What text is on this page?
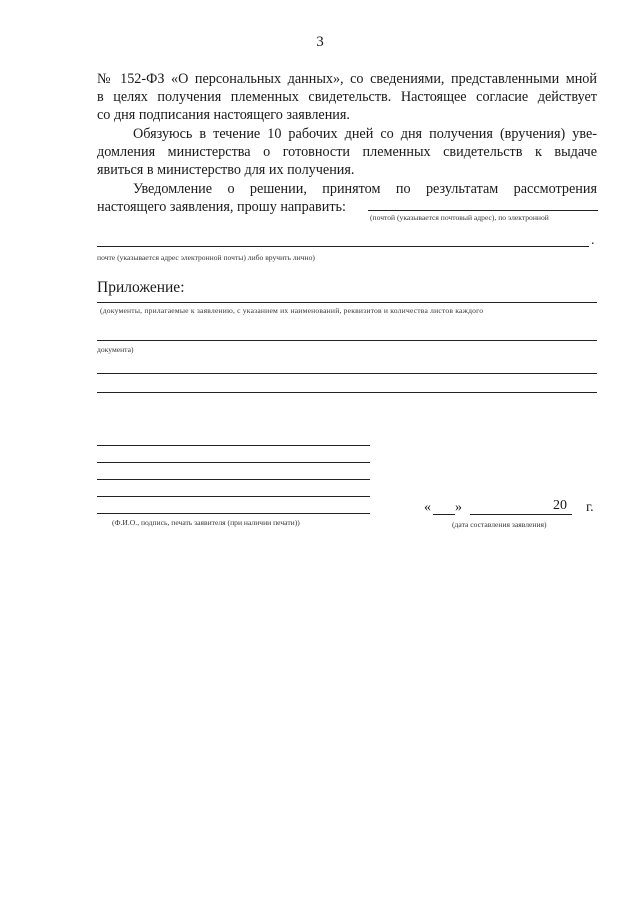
3
№ 152-ФЗ «О персональных данных», со сведениями, представленными мной
в целях получения племенных свидетельств. Настоящее согласие действует
со дня подписания настоящего заявления.
Обязуюсь в течение 10 рабочих дней со дня получения (вручения) уве-
домления министерства о готовности племенных свидетельств к выдаче
явиться в министерство для их получения.
Уведомление о решении, принятом по результатам рассмотрения
настоящего заявления, прошу направить:
(почтой (указывается почтовый адрес), по электронной
.
почте (указывается адрес электронной почты) либо вручить лично)
Приложение:
(документы, прилагаемые к заявлению, с указанием их наименований, реквизитов и количества листов каждого
документа)
(Ф.И.О., подпись, печать заявителя (при наличии печати))
« »	20 г.
(дата составления заявления)
